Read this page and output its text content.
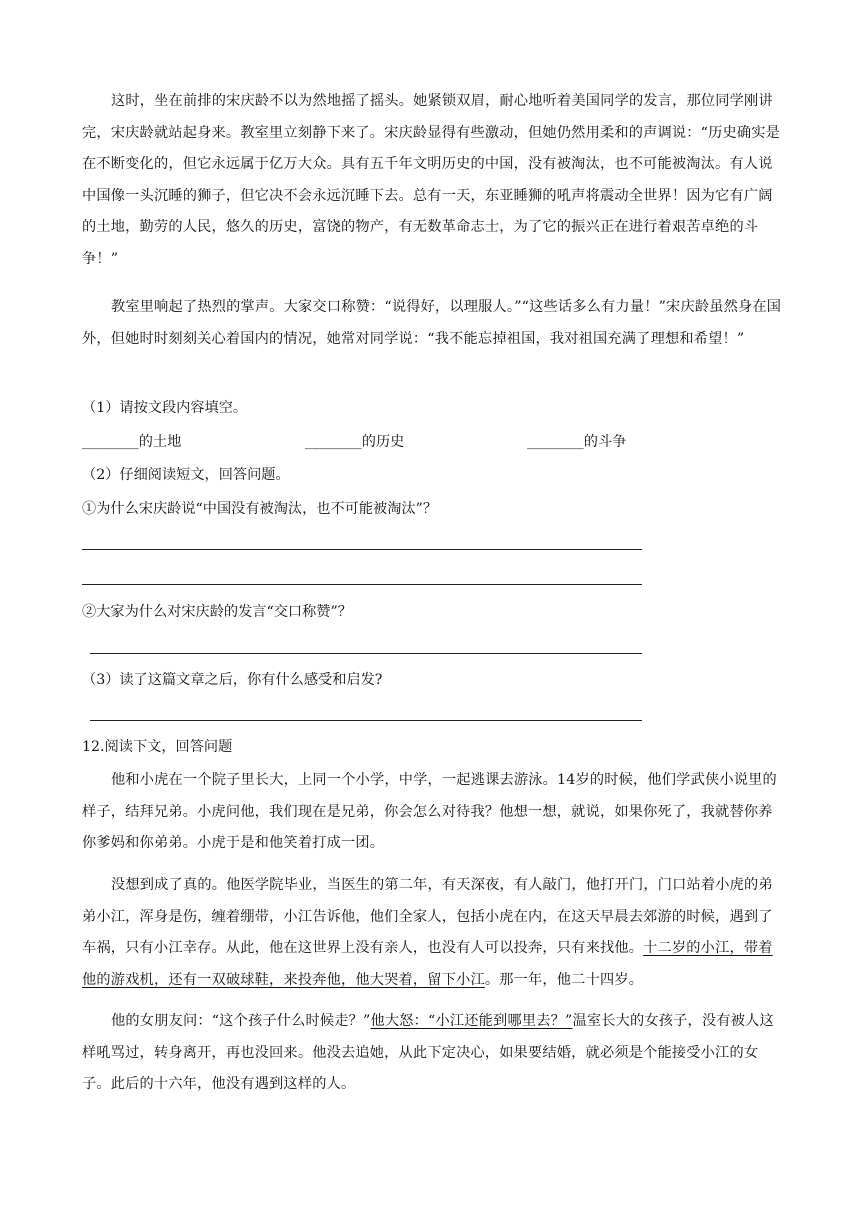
这时，坐在前排的宋庆龄不以为然地摇了摇头。她紧锁双眉，耐心地听着美国同学的发言，那位同学刚讲完，宋庆龄就站起身来。教室里立刻静下来了。宋庆龄显得有些激动，但她仍然用柔和的声调说：“历史确实是在不断变化的，但它永远属于亿万大众。具有五千年文明历史的中国，没有被淘汰，也不可能被淘汰。有人说中国像一头沉睡的狮子，但它决不会永远沉睡下去。总有一天，东亚睡狮的吼声将震动全世界！因为它有广阔的土地，勤劳的人民，悠久的历史，富饶的物产，有无数革命志士，为了它的振兴正在进行着艰苦卓绝的斗争！”

教室里响起了热烈的掌声。大家交口称赞：“说得好，以理服人。”“这些话多么有力量！”宋庆龄虽然身在国外，但她时时刻刻关心着国内的情况，她常对同学说：“我不能忘掉祖国，我对祖国充满了理想和希望！”

（1）请按文段内容填空。
________的土地	________的历史	________的斗争
（2）仔细阅读短文，回答问题。
①为什么宋庆龄说“中国没有被淘汰，也不可能被淘汰”？
②大家为什么对宋庆龄的发言“交口称赞”？
（3）读了这篇文章之后，你有什么感受和启发?
12.阅读下文，回答问题

他和小虎在一个院子里长大，上同一个小学，中学，一起逃课去游泳。14岁的时候，他们学武侠小说里的样子，结拜兄弟。小虎问他，我们现在是兄弟，你会怎么对待我？他想一想，就说，如果你死了，我就替你养你爹妈和你弟弟。小虎于是和他笑着打成一团。

没想到成了真的。他医学院毕业，当医生的第二年，有天深夜，有人敲门，他打开门，门口站着小虎的弟弟小江，浑身是伤，缠着绷带，小江告诉他，他们全家人，包括小虎在内，在这天早晨去郊游的时候，遇到了车祸，只有小江幸存。从此，他在这世界上没有亲人，也没有人可以投奔，只有来找他。十二岁的小江，带着他的游戏机，还有一双破球鞋，来投奔他，他大哭着，留下小江。那一年，他二十四岁。

他的女朋友问：“这个孩子什么时候走？”他大怒：“小江还能到哪里去？”温室长大的女孩子，没有被人这样吼骂过，转身离开，再也没回来。他没去追她，从此下定决心，如果要结婚，就必须是个能接受小江的女子。此后的十六年，他没有遇到这样的人。
